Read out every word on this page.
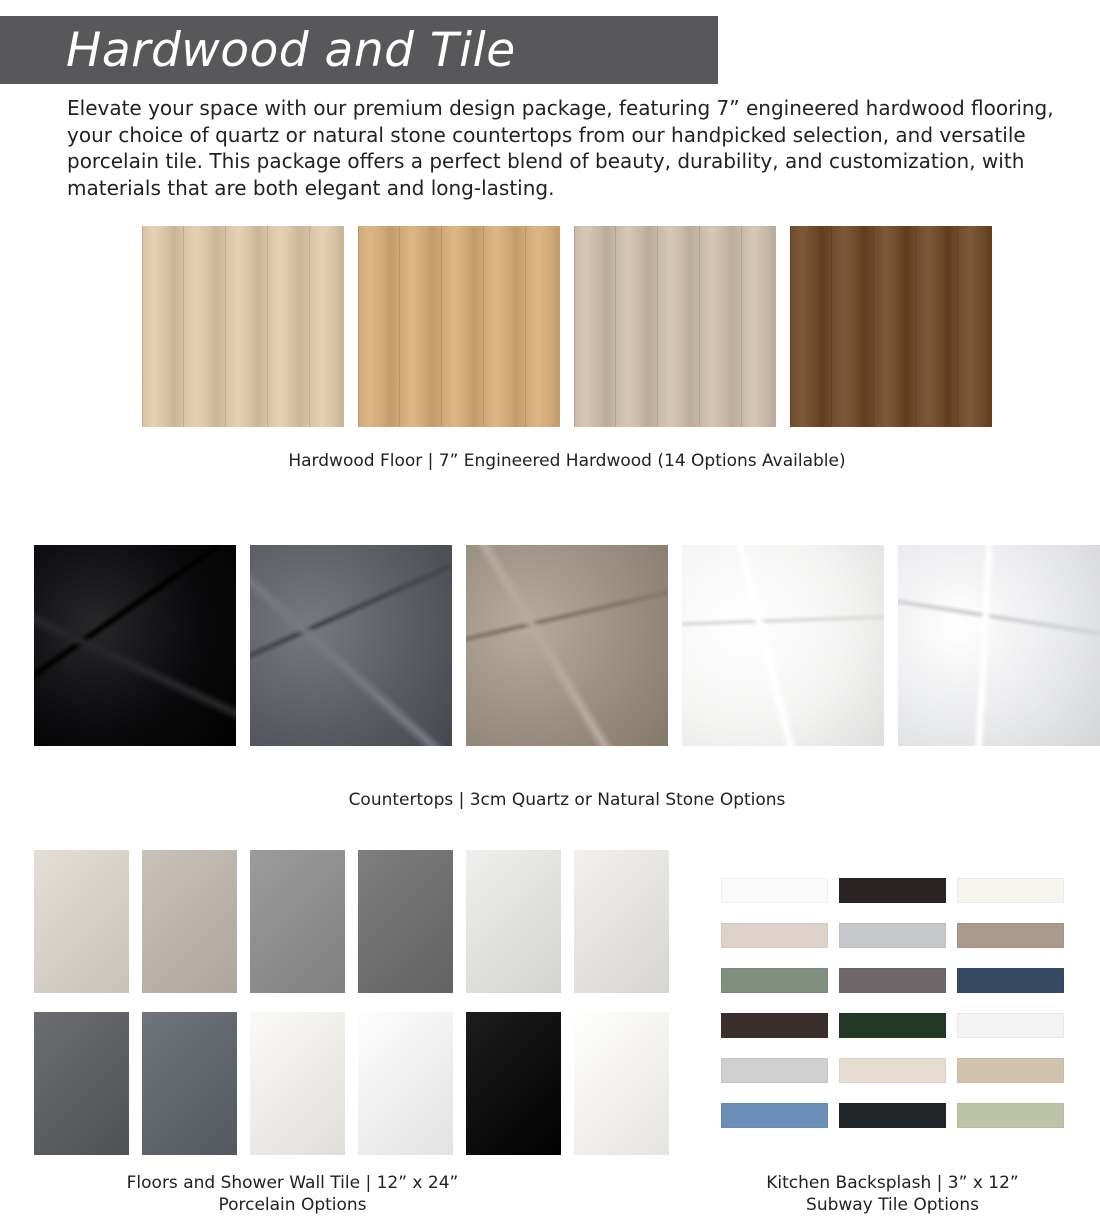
Hardwood and Tile

Elevate your space with our premium design package, featuring 7” engineered hardwood flooring, your choice of quartz or natural stone countertops from our handpicked selection, and versatile porcelain tile. This package offers a perfect blend of beauty, durability, and customization, with materials that are both elegant and long-lasting.

Hardwood Floor | 7” Engineered Hardwood (14 Options Available)
Countertops | 3cm Quartz or Natural Stone Options
Floors and Shower Wall Tile | 12” x 24”
Porcelain Options
Kitchen Backsplash | 3” x 12”
Subway Tile Options
